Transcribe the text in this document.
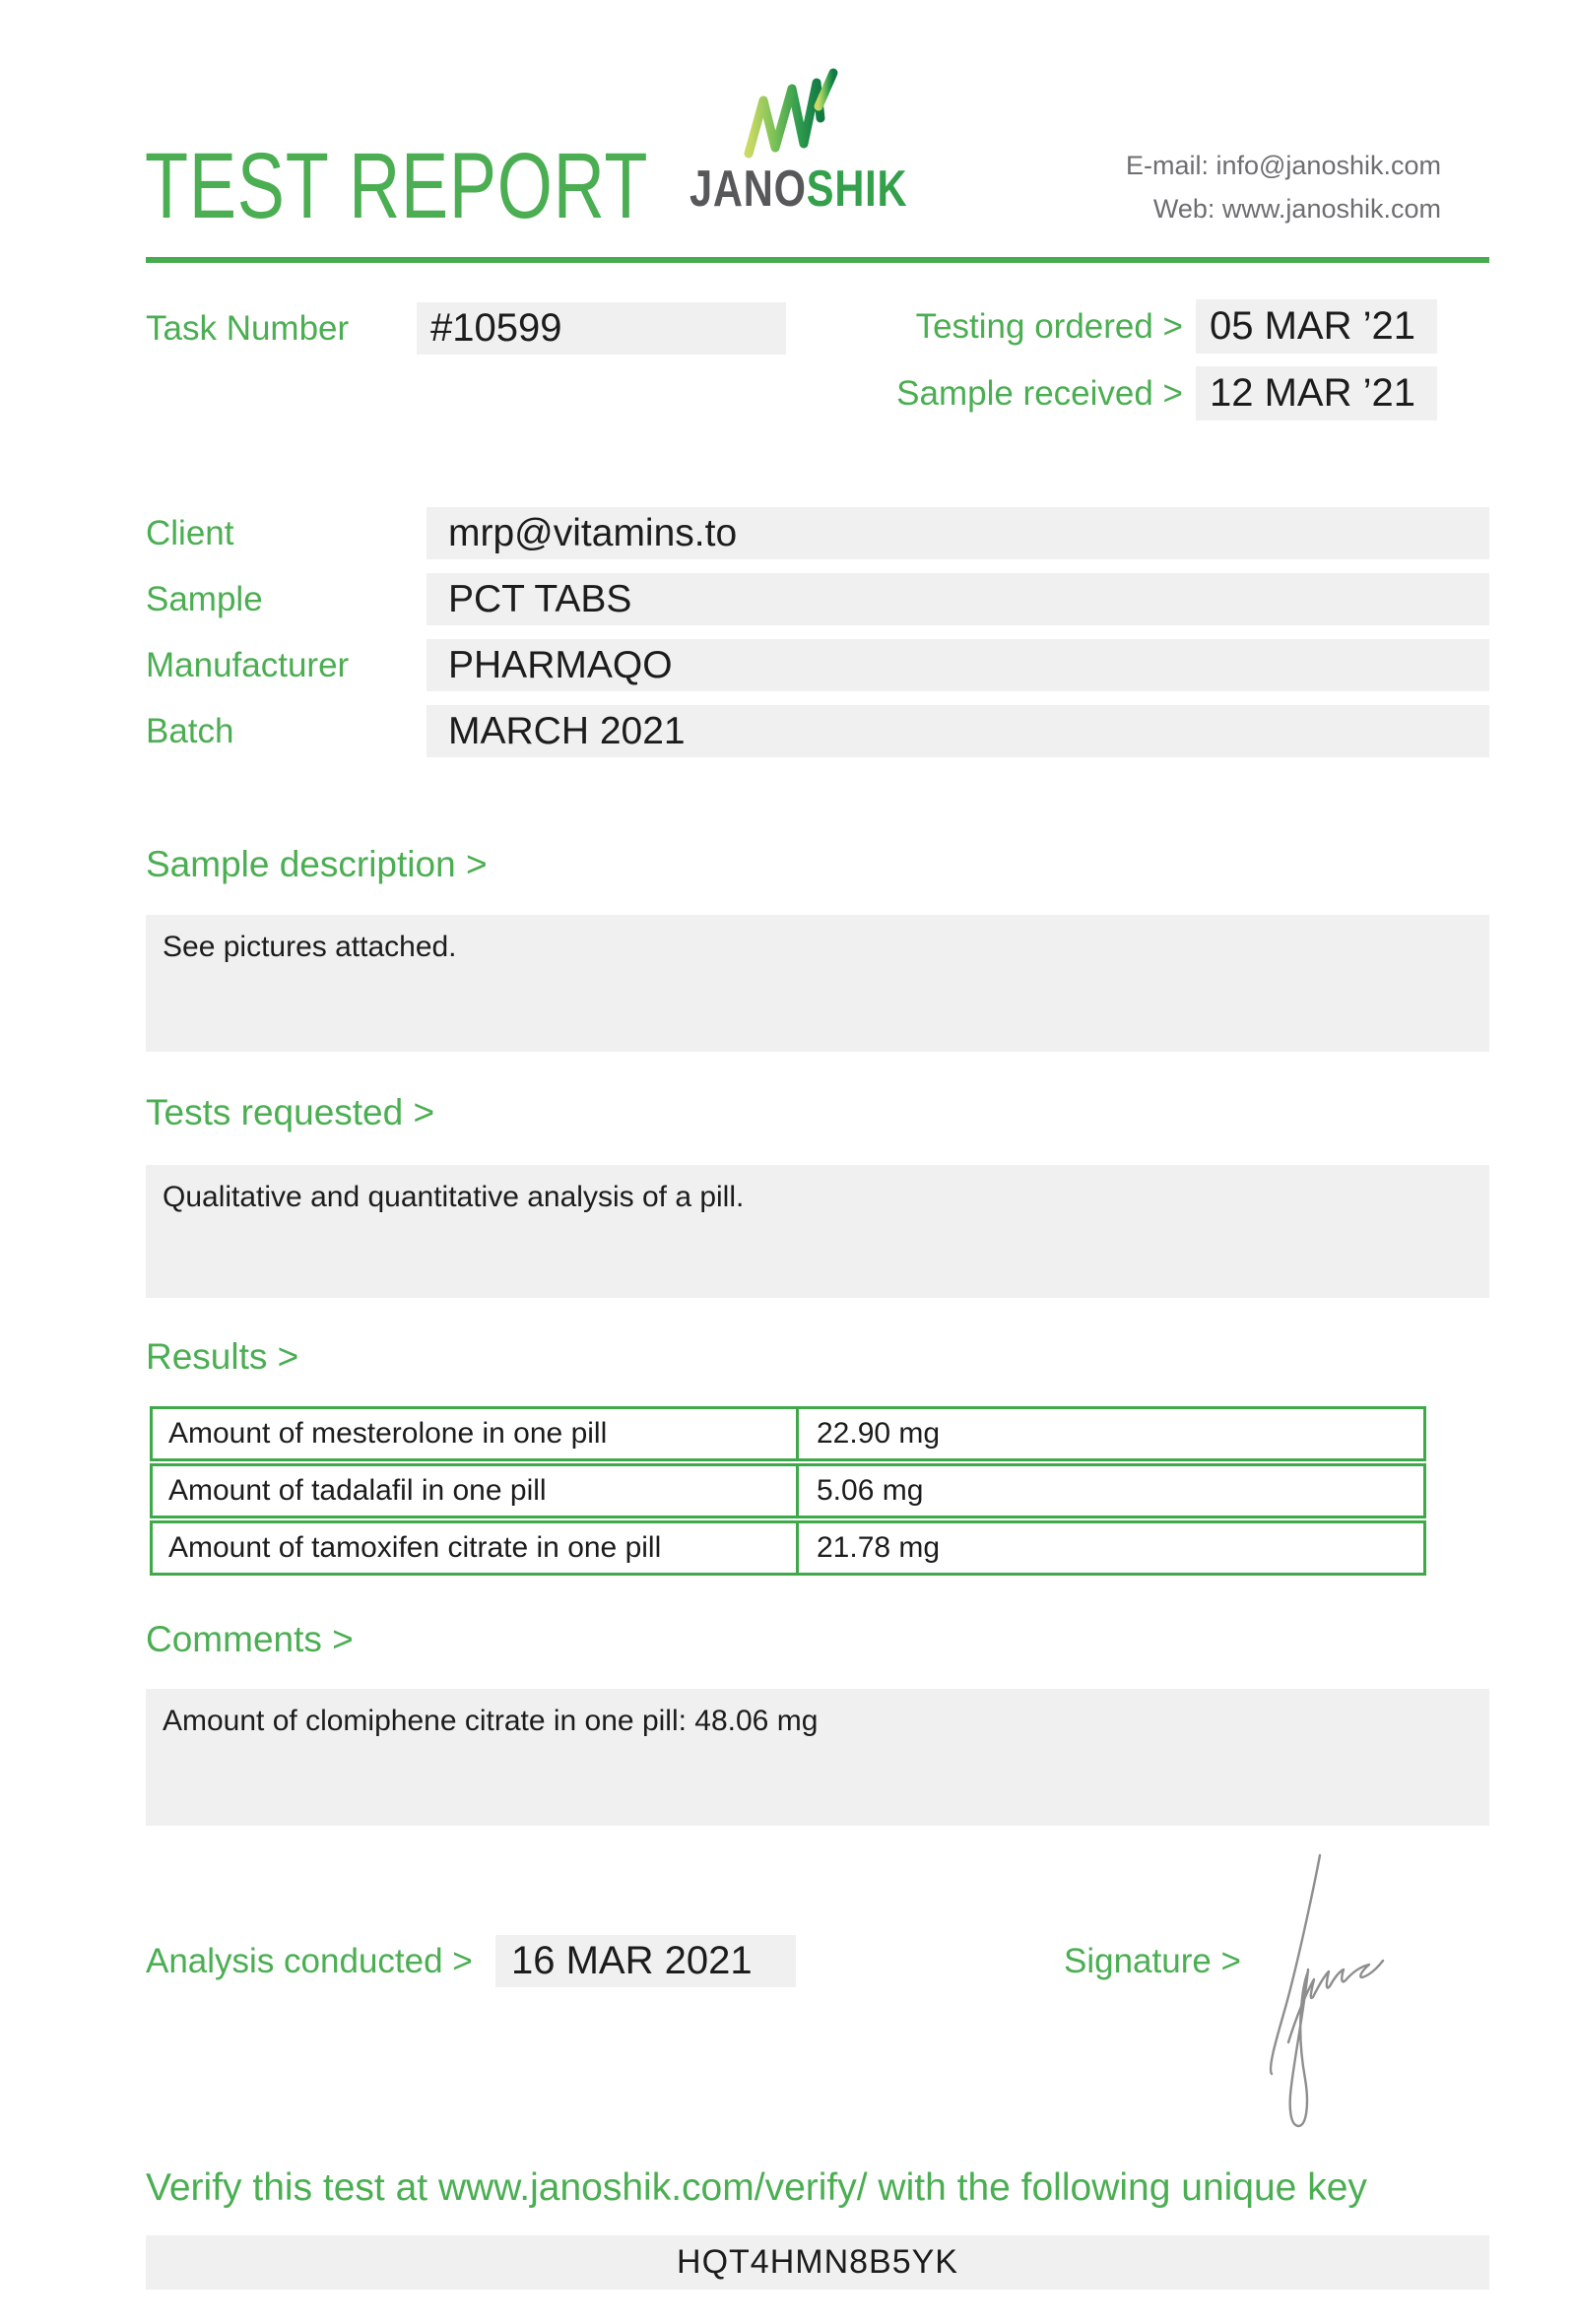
TEST REPORT JANOSHIK	E-mail: info@janoshik.com
Web: www.janoshik.com
Task Number	#10599	Testing ordered > 05 MAR ’21
Sample received > 12 MAR ’21
Client	mrp@vitamins.to
Sample	PCT TABS
Manufacturer	PHARMAQO
Batch	MARCH 2021
Sample description >

See pictures attached.

Tests requested >

Qualitative and quantitative analysis of a pill.

Results >
Amount of mesterolone in one pill	22.90 mg
Amount of tadalafil in one pill	5.06 mg
Amount of tamoxifen citrate in one pill	21.78 mg
Comments >

Amount of clomiphene citrate in one pill: 48.06 mg

Analysis conducted > 16 MAR 2021	Signature >
Verify this test at www.janoshik.com/verify/ with the following unique key
HQT4HMN8B5YK
